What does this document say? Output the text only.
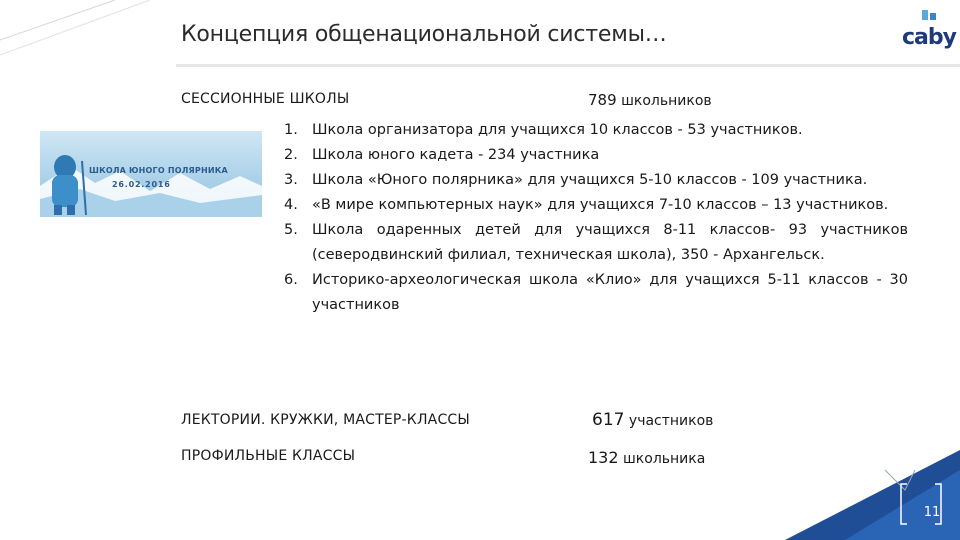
Концепция общенациональной системы…	caby
СЕССИОННЫЕ ШКОЛЫ	789 школьников
ШКОЛА ЮНОГО ПОЛЯРНИКА
26.02.2016
1. Школа организатора для учащихся 10 классов - 53 участников.
2. Школа юного кадета - 234 участника
3. Школа «Юного полярника» для учащихся 5-10 классов - 109 участника.
4. «В мире компьютерных наук» для учащихся 7-10 классов – 13 участников.
5. Школа одаренных детей для учащихся 8-11 классов- 93 участников (северодвинский филиал, техническая школа), 350 - Архангельск.
6. Историко-археологическая школа «Клио» для учащихся 5-11 классов - 30 участников
ЛЕКТОРИИ. КРУЖКИ, МАСТЕР-КЛАССЫ	617 участников
ПРОФИЛЬНЫЕ КЛАССЫ	132 школьника
11
